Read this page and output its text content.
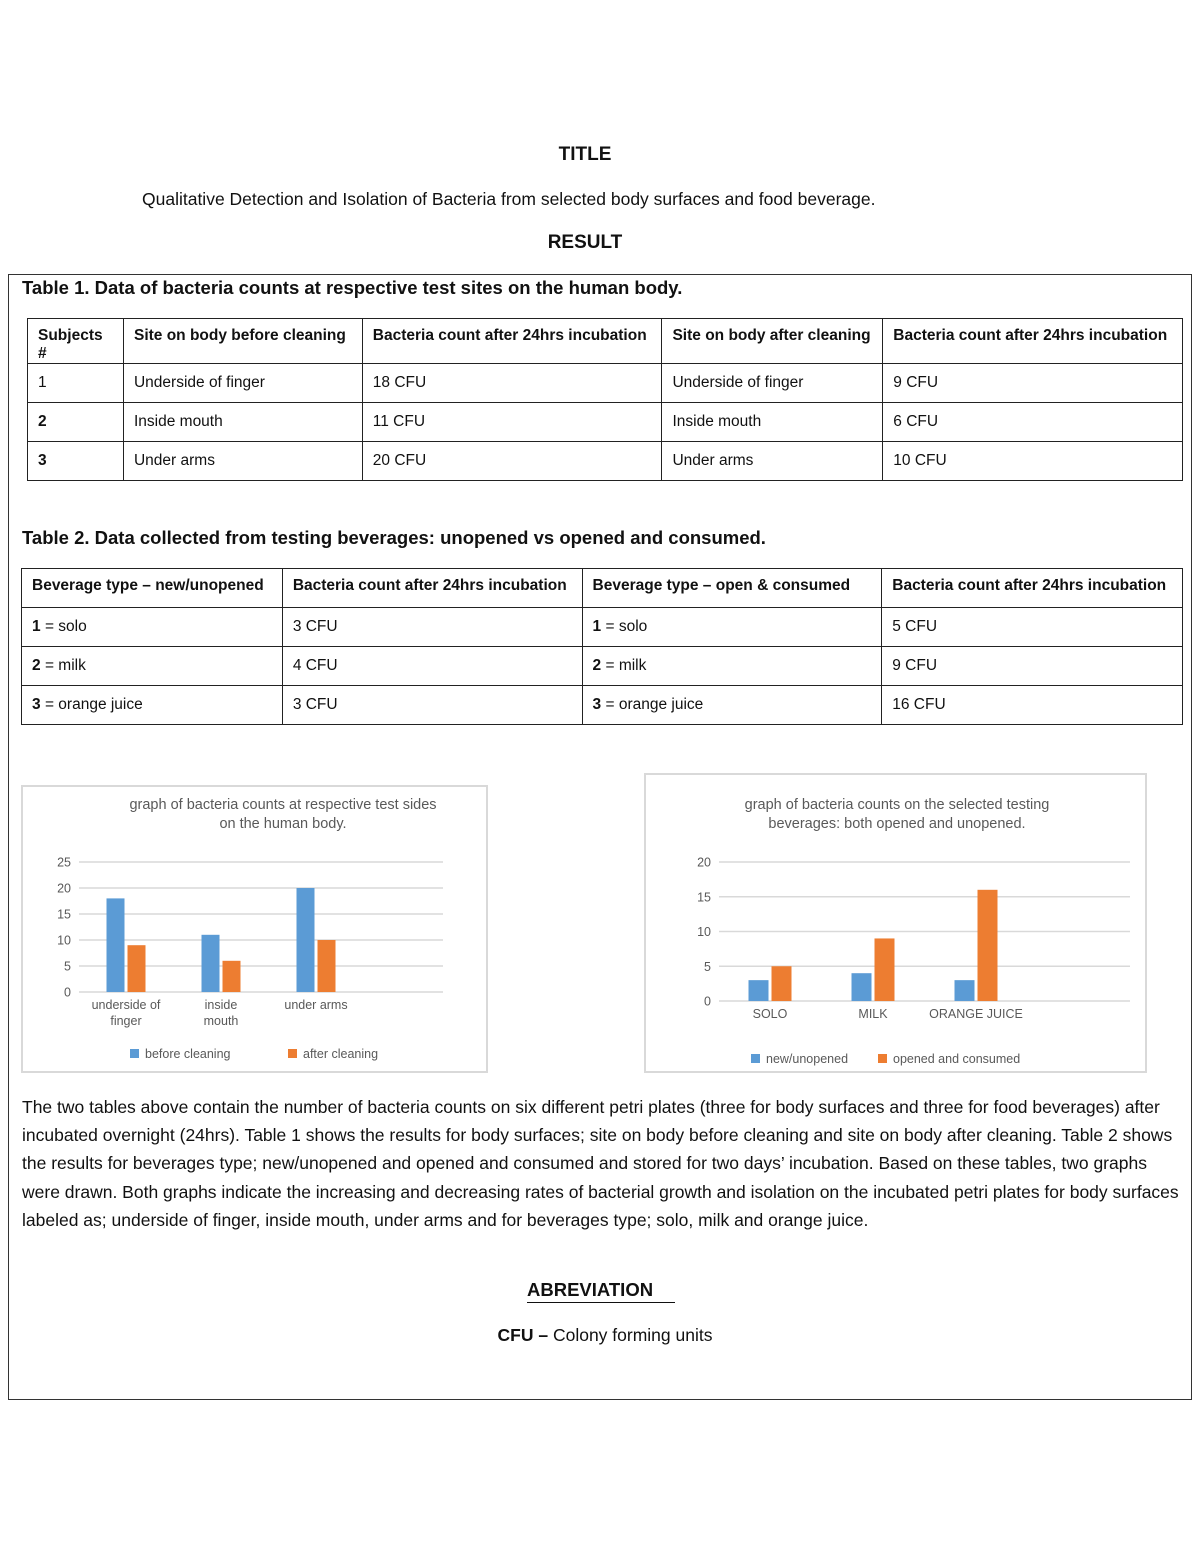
TITLE
Qualitative Detection and Isolation of Bacteria from selected body surfaces and food beverage.
RESULT
Table 1. Data of bacteria counts at respective test sites on the human body.
Subjects #	Site on body before cleaning	Bacteria count after 24hrs incubation	Site on body after cleaning	Bacteria count after 24hrs incubation
1	Underside of finger	18 CFU	Underside of finger	9 CFU
2	Inside mouth	11 CFU	Inside mouth	6 CFU
3	Under arms	20 CFU	Under arms	10 CFU
Table 2. Data collected from testing beverages: unopened vs opened and consumed.
Beverage type – new/unopened	Bacteria count after 24hrs incubation	Beverage type – open & consumed	Bacteria count after 24hrs incubation
1 = solo	3 CFU	1 = solo	5 CFU
2 = milk	4 CFU	2 = milk	9 CFU
3 = orange juice	3 CFU	3 = orange juice	16 CFU
graph of bacteria counts at respective test sides
on the human body.
0
5
10
15
20
25
underside of
finger
inside
mouth
under arms
before cleaning	after cleaning
graph of bacteria counts on the selected testing
beverages: both opened and unopened.
0
5
10
15
20
SOLO	MILK	ORANGE JUICE
new/unopened	opened and consumed
The two tables above contain the number of bacteria counts on six different petri plates (three for body surfaces and three for food beverages) after incubated overnight (24hrs). Table 1 shows the results for body surfaces; site on body before cleaning and site on body after cleaning. Table 2 shows the results for beverages type; new/unopened and opened and consumed and stored for two days’ incubation. Based on these tables, two graphs were drawn. Both graphs indicate the increasing and decreasing rates of bacterial growth and isolation on the incubated petri plates for body surfaces labeled as; underside of finger, inside mouth, under arms and for beverages type; solo, milk and orange juice.
ABREVIATION
CFU – Colony forming units
